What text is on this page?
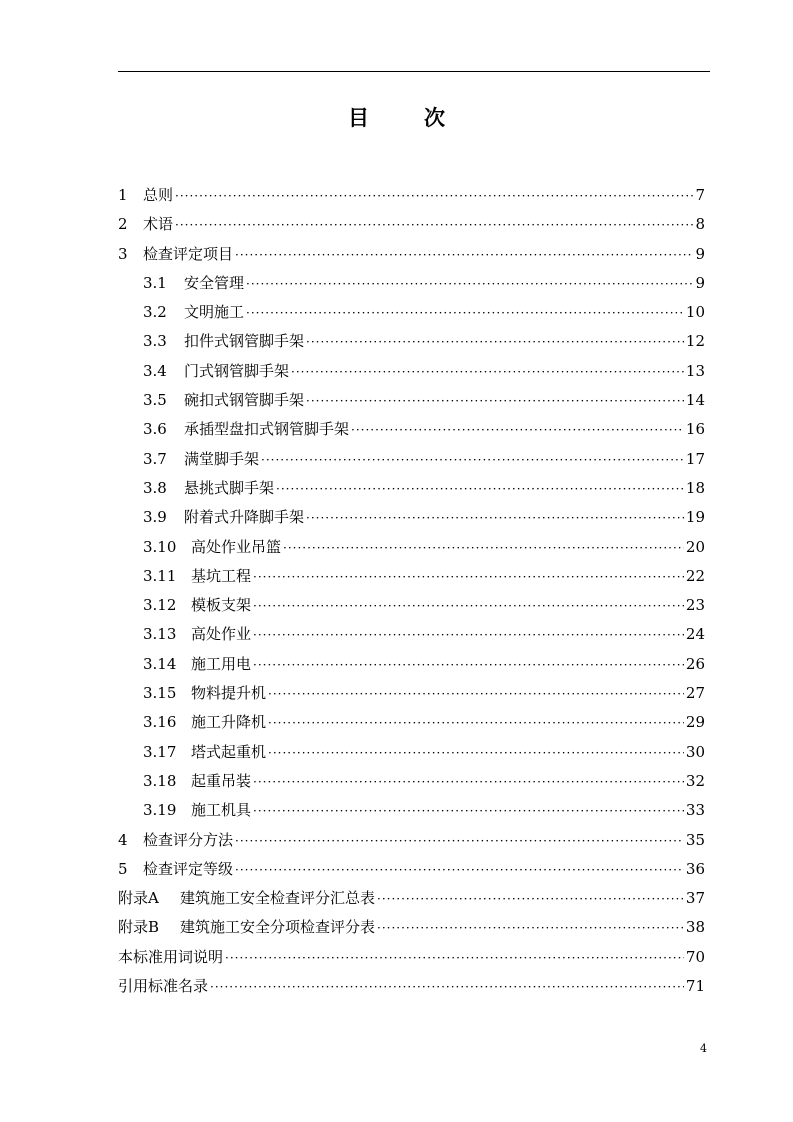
目	次
1	总则 ·····	7
2	术语 ·····	8
3	检查评定项目 ·····	9
3.1	安全管理 ·····	9
3.2	文明施工 ·····	10
3.3	扣件式钢管脚手架 ·····	12
3.4	门式钢管脚手架 ·····	13
3.5	碗扣式钢管脚手架 ·····	14
3.6	承插型盘扣式钢管脚手架 ·····	16
3.7	满堂脚手架 ·····	17
3.8	悬挑式脚手架 ·····	18
3.9	附着式升降脚手架 ·····	19
3.10 高处作业吊篮 ·····	20
3.11 基坑工程 ·····	22
3.12 模板支架 ·····	23
3.13 高处作业 ·····	24
3.14 施工用电 ·····	26
3.15 物料提升机 ·····	27
3.16 施工升降机 ·····	29
3.17 塔式起重机 ·····	30
3.18 起重吊装 ·····	32
3.19 施工机具 ·····	33
4	检查评分方法 ·····	35
5	检查评定等级 ·····	36
附录A	建筑施工安全检查评分汇总表 ·····	37
附录B	建筑施工安全分项检查评分表 ·····	38
本标准用词说明 ·····	70
引用标准名录 ·····	71
4
